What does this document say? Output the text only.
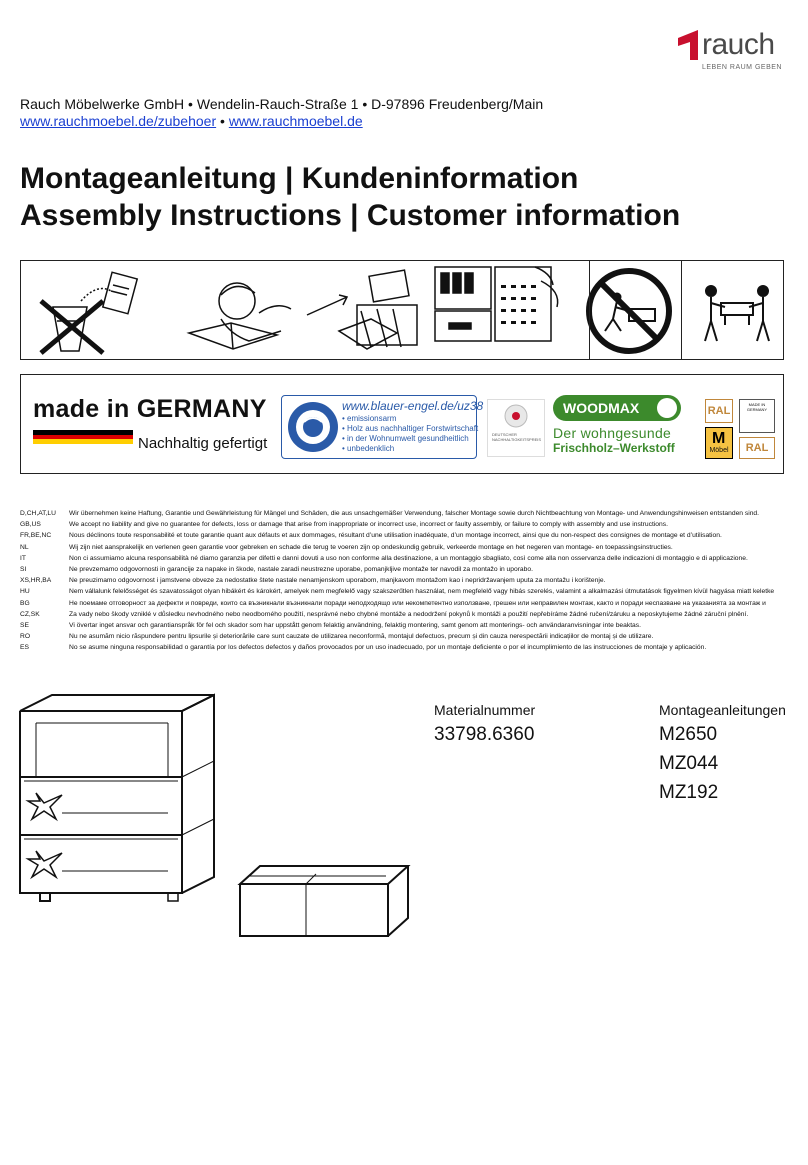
rauch
LEBEN RAUM GEBEN
Rauch Möbelwerke GmbH • Wendelin-Rauch-Straße 1 • D-97896 Freudenberg/Main
www.rauchmoebel.de/zubehoer • www.rauchmoebel.de
Montageanleitung | Kundeninformation
Assembly Instructions | Customer information
made in GERMANY
Nachhaltig gefertigt
www.blauer-engel.de/uz38
• emissionsarm
• Holz aus nachhaltiger Forstwirtschaft
• in der Wohnumwelt gesundheitlich
• unbedenklich
DEUTSCHER NACHHALTIGKEITSPREIS
WOODMAX
Der wohngesunde
Frischholz–Werkstoff
RAL
M
Möbel
MADE IN GERMANY
RAL
D,CH,AT,LU	Wir übernehmen keine Haftung, Garantie und Gewährleistung für Mängel und Schäden, die aus unsachgemäßer Verwendung, falscher Montage sowie durch Nichtbeachtung von Montage- und Anwendungshinweisen entstanden sind.
GB,US	We accept no liability and give no guarantee for defects, loss or damage that arise from inappropriate or incorrect use, incorrect or faulty assembly, or failure to comply with assembly and use instructions.
FR,BE,NC	Nous déclinons toute responsabilité et toute garantie quant aux défauts et aux dommages, résultant d’une utilisation inadéquate, d’un montage incorrect, ainsi que du non-respect des consignes de montage et d’utilisation.
NL	Wij zijn niet aansprakelijk en verlenen geen garantie voor gebreken en schade die terug te voeren zijn op ondeskundig gebruik, verkeerde montage en het negeren van montage- en toepassingsinstructies.
IT	Non ci assumiamo alcuna responsabilità né diamo garanzia per difetti e danni dovuti a uso non conforme alla destinazione, a un montaggio sbagliato, così come alla non osservanza delle indicazioni di montaggio e di applicazione.
SI	Ne prevzemamo odgovornosti in garancije za napake in škode, nastale zaradi neustrezne uporabe, pomanjkljive montaže ter navodil za montažo in uporabo.
XS,HR,BA	Ne preuzimamo odgovornost i jamstvene obveze za nedostatke štete nastale nenamjenskom uporabom, manjkavom montažom kao i nepridržavanjem uputa za montažu i korištenje.
HU	Nem vállalunk felelősséget és szavatosságot olyan hibákért és károkért, amelyek nem megfelelő vagy szakszerűtlen használat, nem megfelelő vagy hibás szerelés, valamint a alkalmazási útmutatások figyelmen kívül hagyása miatt keletke
BG	Не поемаме отговорност за дефекти и повреди, които са възникнали възникнали поради неподходящо или некомпетентно използване, грешен или неправилен монтаж, както и поради неспазване на указанията за монтаж и
CZ,SK	Za vady nebo škody vzniklé v důsledku nevhodného nebo neodborného použití, nesprávné nebo chybné montáže a nedodržení pokynů k montáži a použití nepřebíráme žádné ručení/záruku a neposkytujeme žádné záruční plnění.
SE	Vi övertar inget ansvar och garantianspråk för fel och skador som har uppstått genom felaktig användning, felaktig montering, samt genom att monterings- och användaranvisningar inte beaktas.
RO	Nu ne asumăm nicio răspundere pentru lipsurile și deteriorările care sunt cauzate de utilizarea neconformă, montajul defectuos, precum și din cauza nerespectării indicațiilor de montaj și de utilizare.
ES	No se asume ninguna responsabilidad o garantía por los defectos defectos y daños provocados por un uso inadecuado, por un montaje deficiente o por el incumplimiento de las instrucciones de montaje y aplicación.
Materialnummer
33798.6360
Montageanleitungen
M2650
MZ044
MZ192
